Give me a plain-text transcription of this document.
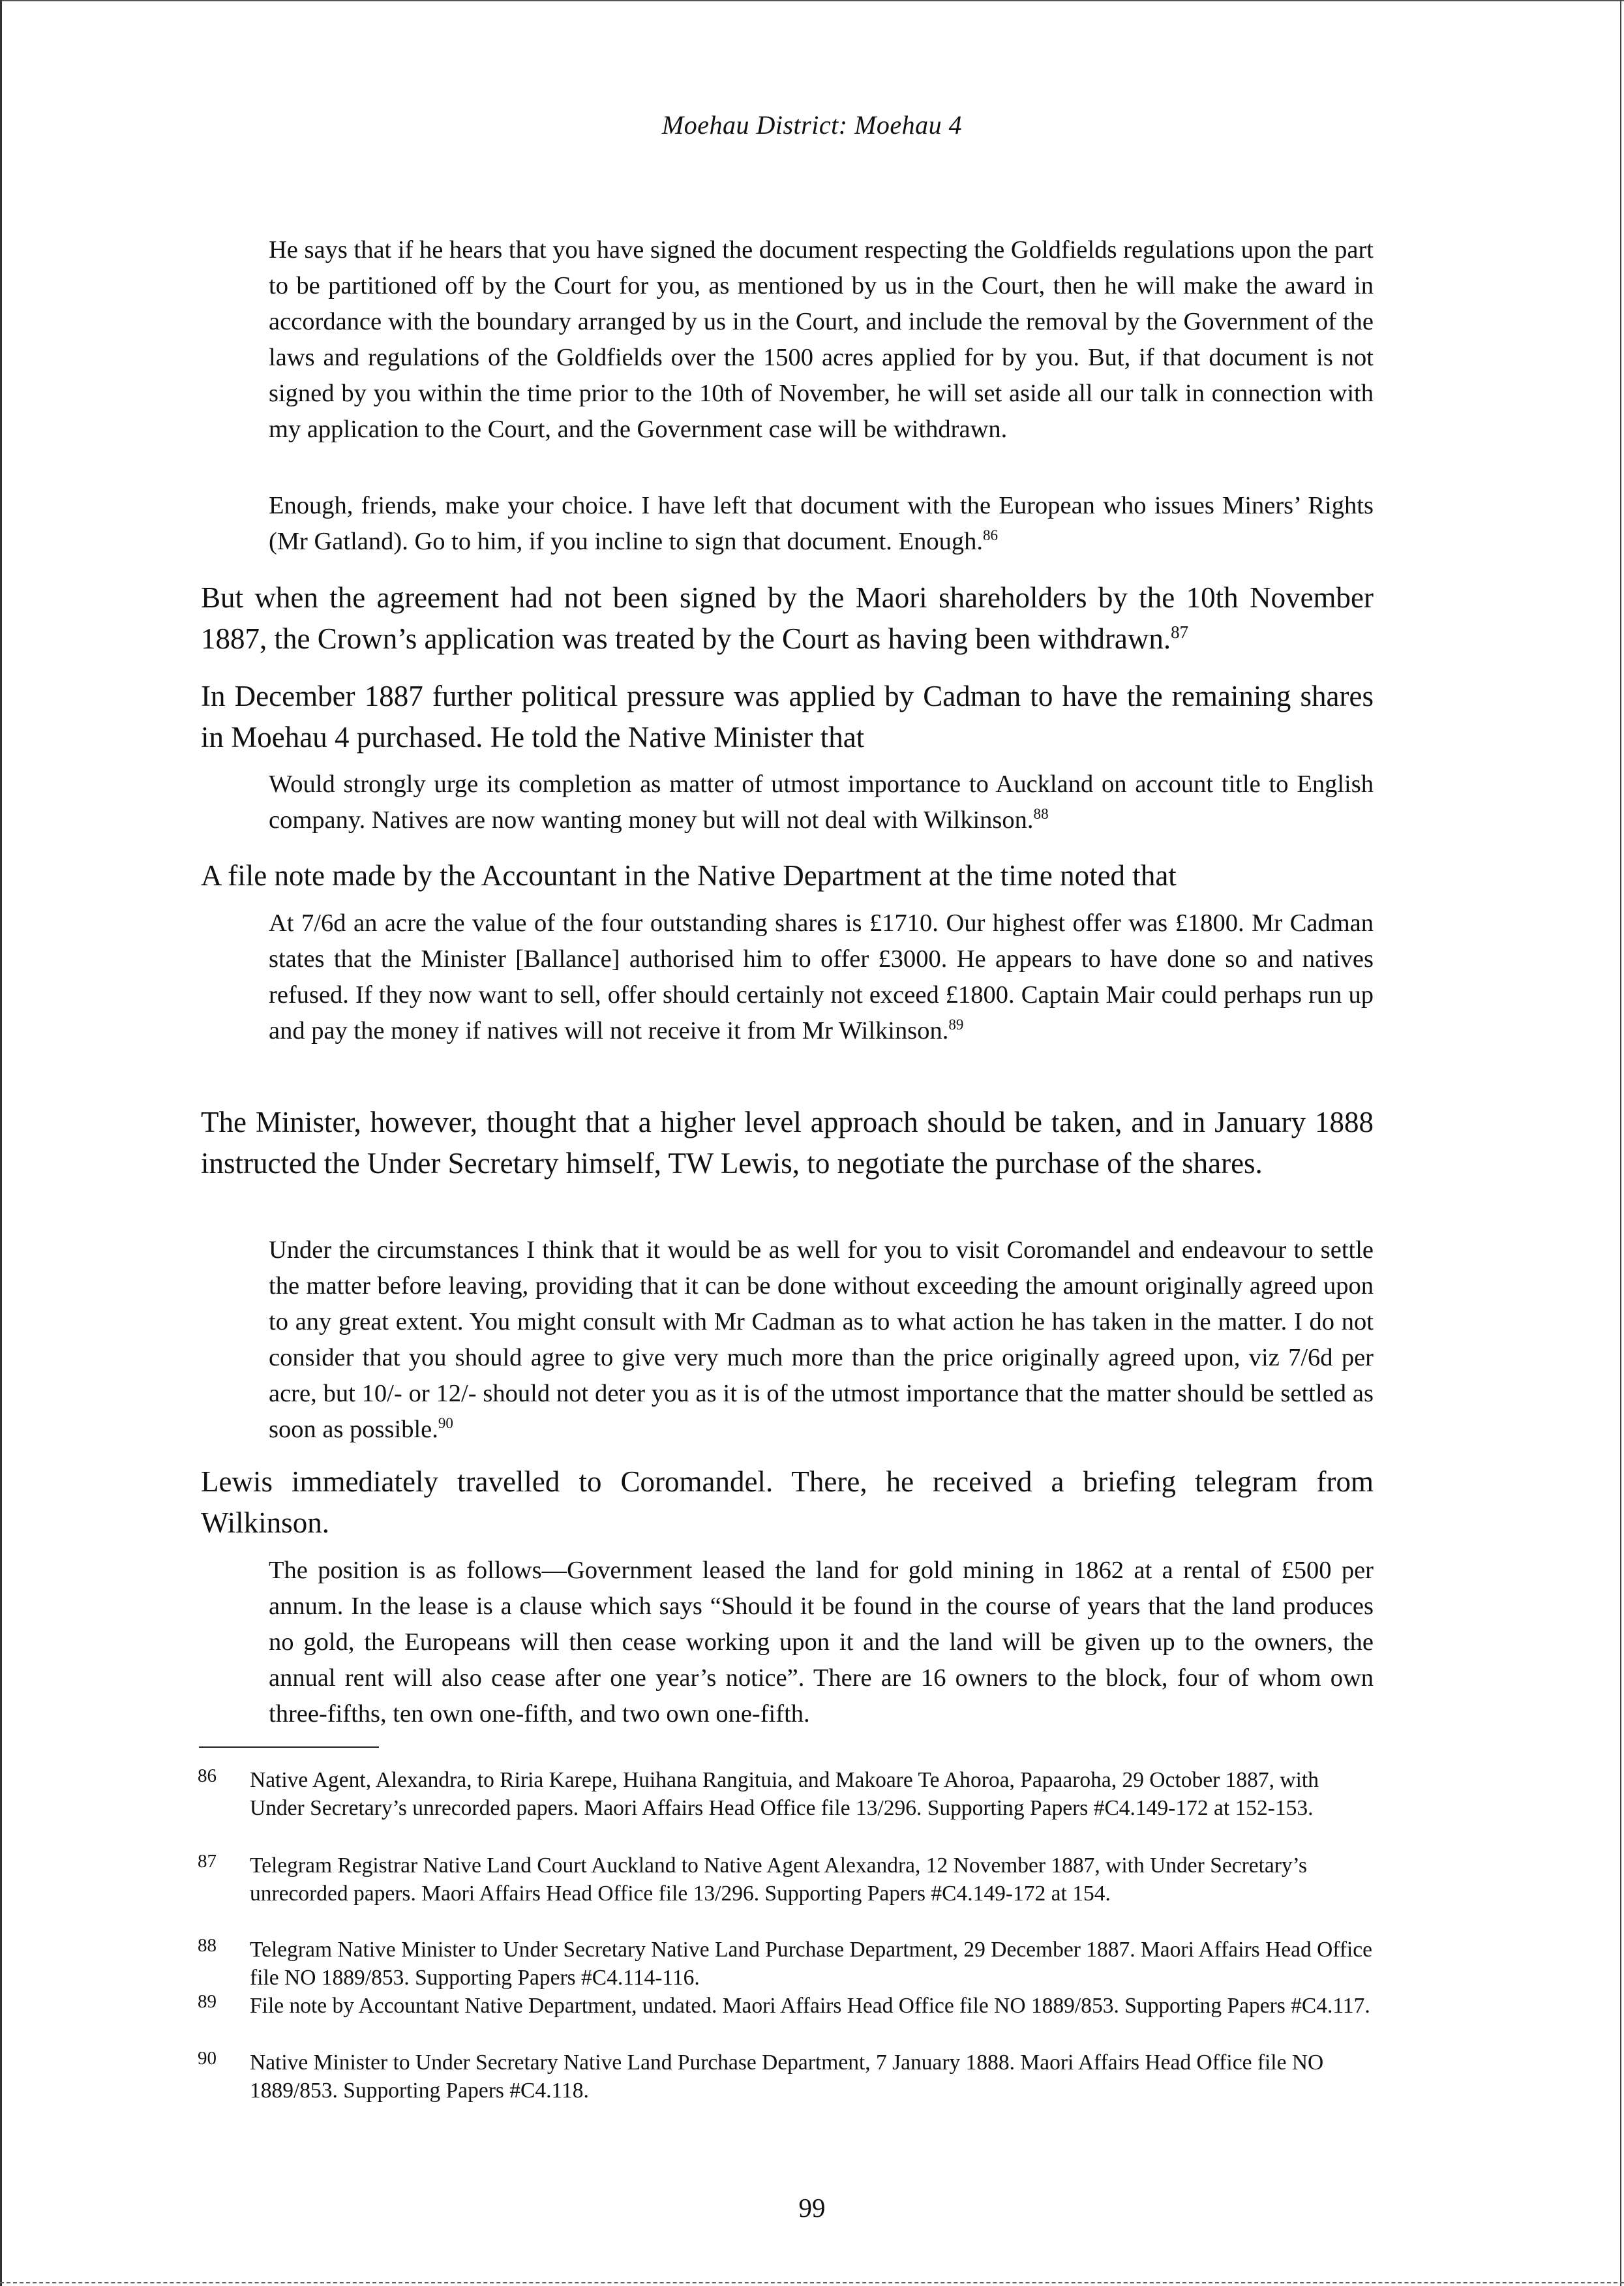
Moehau District: Moehau 4
He says that if he hears that you have signed the document respecting the Goldfields regulations upon the part to be partitioned off by the Court for you, as mentioned by us in the Court, then he will make the award in accordance with the boundary arranged by us in the Court, and include the removal by the Government of the laws and regulations of the Goldfields over the 1500 acres applied for by you. But, if that document is not signed by you within the time prior to the 10th of November, he will set aside all our talk in connection with my application to the Court, and the Government case will be withdrawn.
Enough, friends, make your choice. I have left that document with the European who issues Miners’ Rights (Mr Gatland). Go to him, if you incline to sign that document. Enough.$^{86}$
But when the agreement had not been signed by the Maori shareholders by the 10th November 1887, the Crown’s application was treated by the Court as having been withdrawn.$^{87}$
In December 1887 further political pressure was applied by Cadman to have the remaining shares in Moehau 4 purchased. He told the Native Minister that
Would strongly urge its completion as matter of utmost importance to Auckland on account title to English company. Natives are now wanting money but will not deal with Wilkinson.$^{88}$
A file note made by the Accountant in the Native Department at the time noted that
At 7/6d an acre the value of the four outstanding shares is £1710. Our highest offer was £1800. Mr Cadman states that the Minister [Ballance] authorised him to offer £3000. He appears to have done so and natives refused. If they now want to sell, offer should certainly not exceed £1800. Captain Mair could perhaps run up and pay the money if natives will not receive it from Mr Wilkinson.$^{89}$
The Minister, however, thought that a higher level approach should be taken, and in January 1888 instructed the Under Secretary himself, TW Lewis, to negotiate the purchase of the shares.
Under the circumstances I think that it would be as well for you to visit Coromandel and endeavour to settle the matter before leaving, providing that it can be done without exceeding the amount originally agreed upon to any great extent. You might consult with Mr Cadman as to what action he has taken in the matter. I do not consider that you should agree to give very much more than the price originally agreed upon, viz 7/6d per acre, but 10/- or 12/- should not deter you as it is of the utmost importance that the matter should be settled as soon as possible.$^{90}$
Lewis immediately travelled to Coromandel. There, he received a briefing telegram from Wilkinson.
The position is as follows—Government leased the land for gold mining in 1862 at a rental of £500 per annum. In the lease is a clause which says “Should it be found in the course of years that the land produces no gold, the Europeans will then cease working upon it and the land will be given up to the owners, the annual rent will also cease after one year’s notice”. There are 16 owners to the block, four of whom own three-fifths, ten own one-fifth, and two own one-fifth.
86 Native Agent, Alexandra, to Riria Karepe, Huihana Rangituia, and Makoare Te Ahoroa, Papaaroha, 29 October 1887, with Under Secretary’s unrecorded papers. Maori Affairs Head Office file 13/296. Supporting Papers #C4.149-172 at 152-153.
87 Telegram Registrar Native Land Court Auckland to Native Agent Alexandra, 12 November 1887, with Under Secretary’s unrecorded papers. Maori Affairs Head Office file 13/296. Supporting Papers #C4.149-172 at 154.
88 Telegram Native Minister to Under Secretary Native Land Purchase Department, 29 December 1887. Maori Affairs Head Office file NO 1889/853. Supporting Papers #C4.114-116.
89 File note by Accountant Native Department, undated. Maori Affairs Head Office file NO 1889/853. Supporting Papers #C4.117.
90 Native Minister to Under Secretary Native Land Purchase Department, 7 January 1888. Maori Affairs Head Office file NO 1889/853. Supporting Papers #C4.118.
99
